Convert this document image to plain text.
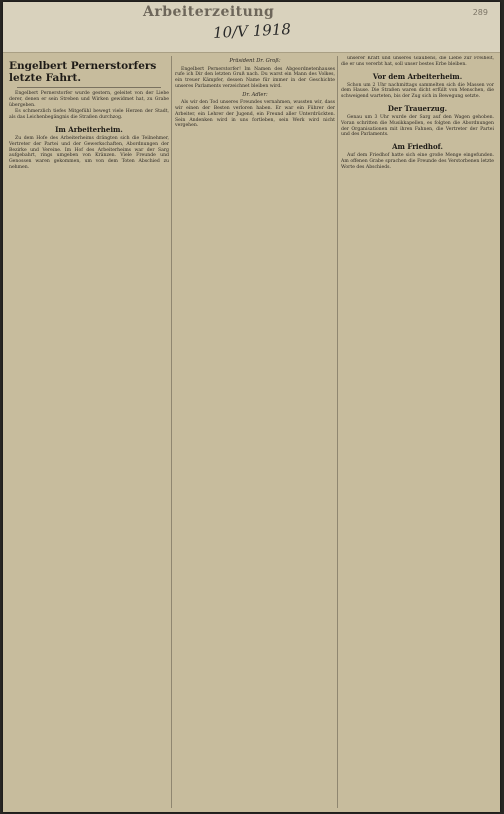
Arbeiterzeitung
10/V 1918
289
Engelbert Pernerstorfers letzte Fahrt.

Engelbert Pernerstorfer wurde gestern, geleitet von der Liebe derer, denen er sein Streben und Wirken gewidmet hat, zu Grabe übergeben.

Es schmerzlich tiefes Mitgefühl bewegt viele Herzen der Stadt, als das Leichenbegängnis die Straßen durchzog.

Im Arbeiterheim.

Zu dem Hofe des Arbeiterheims drängten sich die Teilnehmer, Vertreter der Partei und der Gewerkschaften, Abordnungen der Bezirke und Vereine. Im Hof des Arbeiterheims war der Sarg aufgebahrt, rings umgeben von Kränzen. Viele Freunde und Genossen waren gekommen, um von dem Toten Abschied zu nehmen.

Präsident Dr. Groß:

Engelbert Pernerstorfer! Im Namen des Abgeordnetenhauses rufe ich Dir den letzten Gruß nach. Du warst ein Mann des Volkes, ein treuer Kämpfer, dessen Name für immer in der Geschichte unseres Parlaments verzeichnet bleiben wird.

Dr. Adler:

Als wir den Tod unseres Freundes vernahmen, wussten wir, dass wir einen der Besten verloren haben. Er war ein Führer der Arbeiter, ein Lehrer der Jugend, ein Freund aller Unterdrückten. Sein Andenken wird in uns fortleben, sein Werk wird nicht vergehen.

unserer Kraft und unseres Glaubens, die Liebe zur Freiheit, die er uns vererbt hat, soll unser bestes Erbe bleiben.

Vor dem Arbeiterheim.

Schon um 2 Uhr nachmittags sammelten sich die Massen vor dem Hause. Die Straßen waren dicht erfüllt von Menschen, die schweigend warteten, bis der Zug sich in Bewegung setzte.

Der Trauerzug.

Genau um 3 Uhr wurde der Sarg auf den Wagen gehoben. Voran schritten die Musikkapellen, es folgten die Abordnungen der Organisationen mit ihren Fahnen, die Vertreter der Partei und des Parlaments.

Am Friedhof.

Auf dem Friedhof hatte sich eine große Menge eingefunden. Am offenen Grabe sprachen die Freunde des Verstorbenen letzte Worte des Abschieds.
